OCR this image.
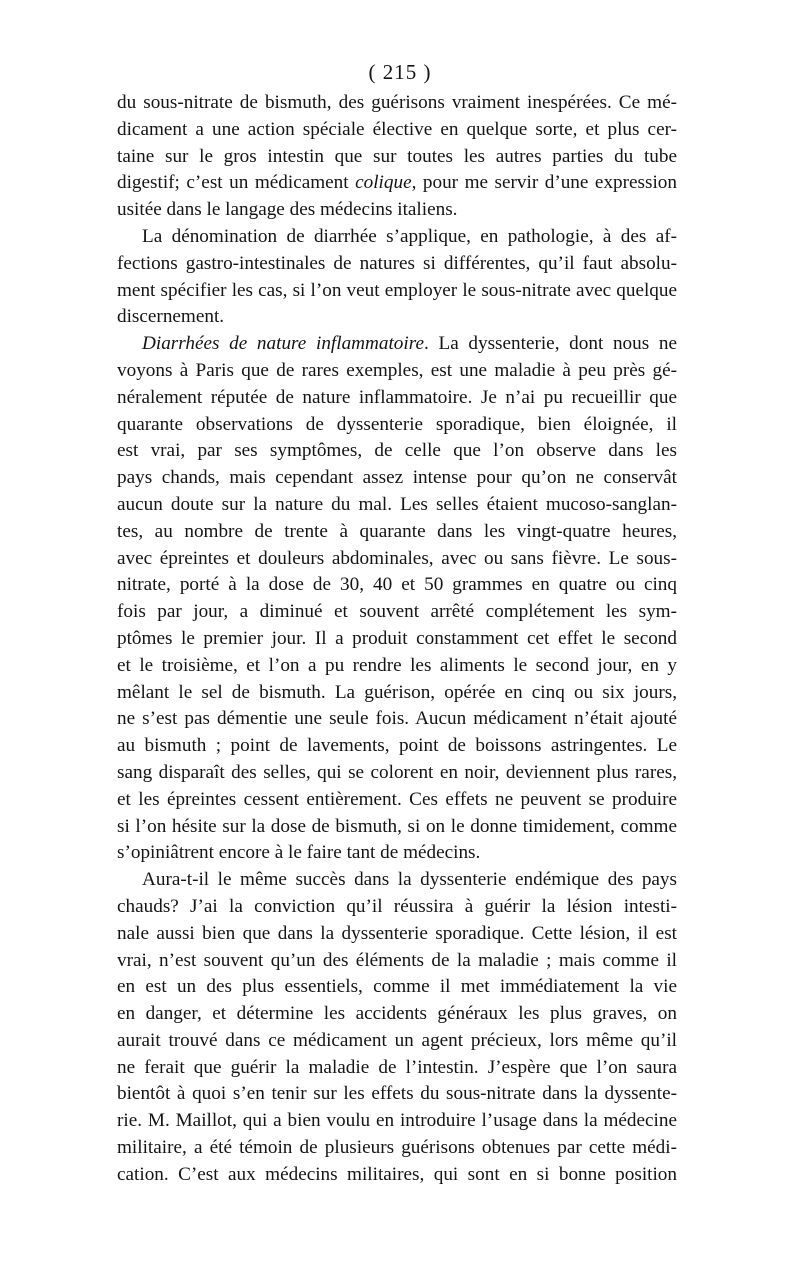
( 215 )
du sous-nitrate de bismuth, des guérisons vraiment inespérées. Ce mé-
dicament a une action spéciale élective en quelque sorte, et plus cer-
taine sur le gros intestin que sur toutes les autres parties du tube
digestif; c’est un médicament colique, pour me servir d’une expression
usitée dans le langage des médecins italiens.
La dénomination de diarrhée s’applique, en pathologie, à des af-
fections gastro-intestinales de natures si différentes, qu’il faut absolu-
ment spécifier les cas, si l’on veut employer le sous-nitrate avec quelque
discernement.
Diarrhées de nature inflammatoire. La dyssenterie, dont nous ne
voyons à Paris que de rares exemples, est une maladie à peu près gé-
néralement réputée de nature inflammatoire. Je n’ai pu recueillir que
quarante observations de dyssenterie sporadique, bien éloignée, il
est vrai, par ses symptômes, de celle que l’on observe dans les
pays chands, mais cependant assez intense pour qu’on ne conservât
aucun doute sur la nature du mal. Les selles étaient mucoso-sanglan-
tes, au nombre de trente à quarante dans les vingt-quatre heures,
avec épreintes et douleurs abdominales, avec ou sans fièvre. Le sous-
nitrate, porté à la dose de 30, 40 et 50 grammes en quatre ou cinq
fois par jour, a diminué et souvent arrêté complétement les sym-
ptômes le premier jour. Il a produit constamment cet effet le second
et le troisième, et l’on a pu rendre les aliments le second jour, en y
mêlant le sel de bismuth. La guérison, opérée en cinq ou six jours,
ne s’est pas démentie une seule fois. Aucun médicament n’était ajouté
au bismuth ; point de lavements, point de boissons astringentes. Le
sang disparaît des selles, qui se colorent en noir, deviennent plus rares,
et les épreintes cessent entièrement. Ces effets ne peuvent se produire
si l’on hésite sur la dose de bismuth, si on le donne timidement, comme
s’opiniâtrent encore à le faire tant de médecins.
Aura-t-il le même succès dans la dyssenterie endémique des pays
chauds? J’ai la conviction qu’il réussira à guérir la lésion intesti-
nale aussi bien que dans la dyssenterie sporadique. Cette lésion, il est
vrai, n’est souvent qu’un des éléments de la maladie ; mais comme il
en est un des plus essentiels, comme il met immédiatement la vie
en danger, et détermine les accidents généraux les plus graves, on
aurait trouvé dans ce médicament un agent précieux, lors même qu’il
ne ferait que guérir la maladie de l’intestin. J’espère que l’on saura
bientôt à quoi s’en tenir sur les effets du sous-nitrate dans la dyssente-
rie. M. Maillot, qui a bien voulu en introduire l’usage dans la médecine
militaire, a été témoin de plusieurs guérisons obtenues par cette médi-
cation. C’est aux médecins militaires, qui sont en si bonne position
